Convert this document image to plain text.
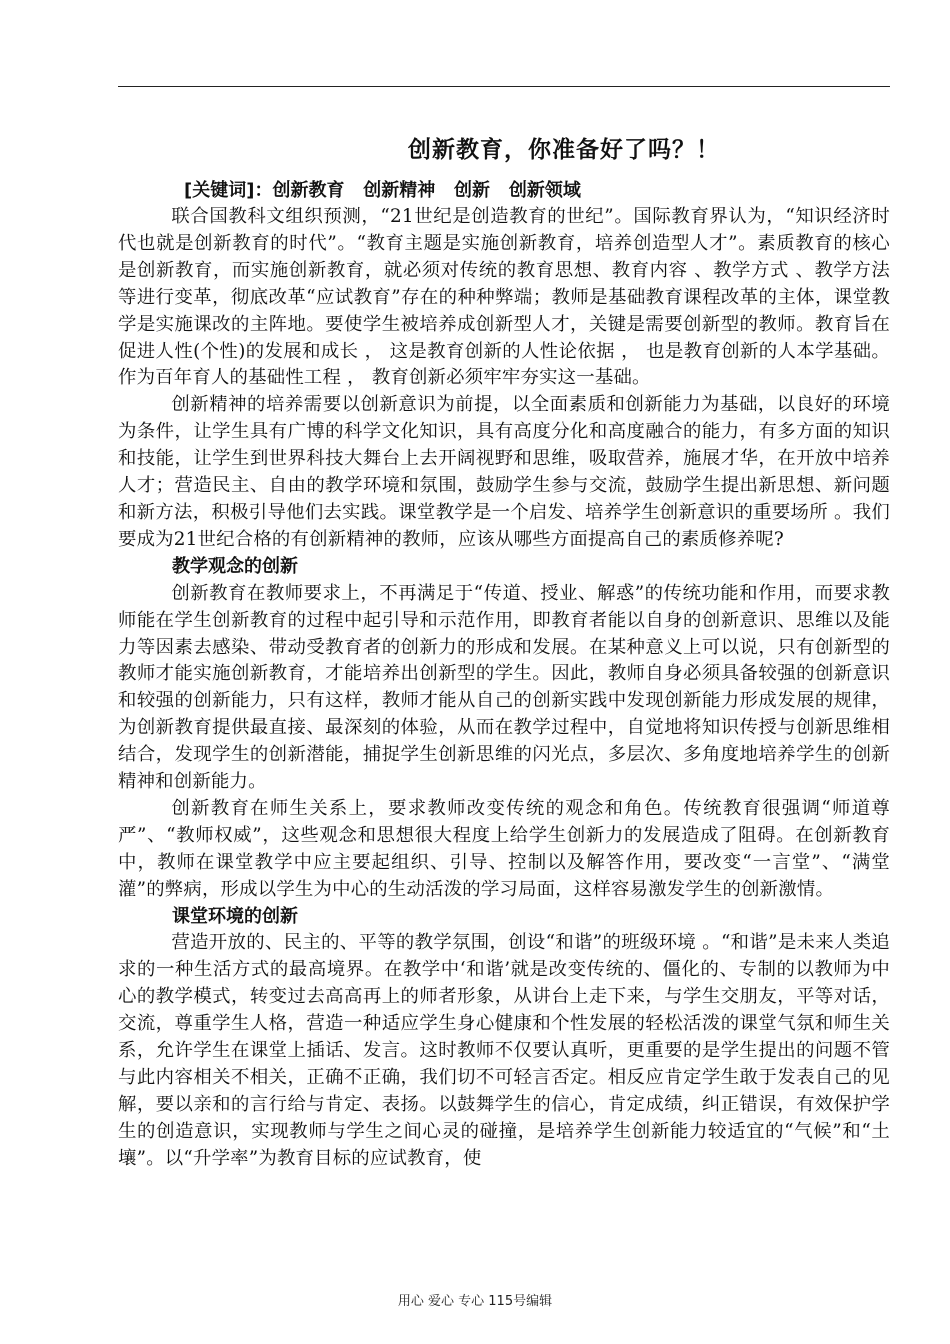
创新教育，你准备好了吗？！
[关键词]：创新教育   创新精神   创新   创新领域

联合国教科文组织预测，“21世纪是创造教育的世纪”。国际教育界认为，“知识经济时代也就是创新教育的时代”。“教育主题是实施创新教育，培养创造型人才”。素质教育的核心是创新教育，而实施创新教育，就必须对传统的教育思想、教育内容 、教学方式 、教学方法等进行变革，彻底改革“应试教育”存在的种种弊端；教师是基础教育课程改革的主体，课堂教学是实施课改的主阵地。要使学生被培养成创新型人才，关键是需要创新型的教师。教育旨在促进人性(个性)的发展和成长 ， 这是教育创新的人性论依据 ， 也是教育创新的人本学基础。作为百年育人的基础性工程 ， 教育创新必须牢牢夯实这一基础。

创新精神的培养需要以创新意识为前提，以全面素质和创新能力为基础，以良好的环境为条件，让学生具有广博的科学文化知识，具有高度分化和高度融合的能力，有多方面的知识和技能，让学生到世界科技大舞台上去开阔视野和思维，吸取营养，施展才华，在开放中培养人才；营造民主、自由的教学环境和氛围，鼓励学生参与交流，鼓励学生提出新思想、新问题和新方法，积极引导他们去实践。课堂教学是一个启发、培养学生创新意识的重要场所 。我们要成为21世纪合格的有创新精神的教师，应该从哪些方面提高自己的素质修养呢?

教学观念的创新

创新教育在教师要求上，不再满足于“传道、授业、解惑”的传统功能和作用，而要求教师能在学生创新教育的过程中起引导和示范作用，即教育者能以自身的创新意识、思维以及能力等因素去感染、带动受教育者的创新力的形成和发展。在某种意义上可以说，只有创新型的教师才能实施创新教育，才能培养出创新型的学生。因此，教师自身必须具备较强的创新意识和较强的创新能力，只有这样，教师才能从自己的创新实践中发现创新能力形成发展的规律，为创新教育提供最直接、最深刻的体验，从而在教学过程中，自觉地将知识传授与创新思维相结合，发现学生的创新潜能，捕捉学生创新思维的闪光点，多层次、多角度地培养学生的创新精神和创新能力。

创新教育在师生关系上，要求教师改变传统的观念和角色。传统教育很强调“师道尊严”、“教师权威”，这些观念和思想很大程度上给学生创新力的发展造成了阻碍。在创新教育中，教师在课堂教学中应主要起组织、引导、控制以及解答作用，要改变“一言堂”、“满堂灌”的弊病，形成以学生为中心的生动活泼的学习局面，这样容易激发学生的创新激情。

课堂环境的创新

营造开放的、民主的、平等的教学氛围，创设“和谐”的班级环境 。“和谐”是未来人类追求的一种生活方式的最高境界。在教学中‘和谐’就是改变传统的、僵化的、专制的以教师为中心的教学模式，转变过去高高再上的师者形象，从讲台上走下来，与学生交朋友，平等对话，交流，尊重学生人格，营造一种适应学生身心健康和个性发展的轻松活泼的课堂气氛和师生关系，允许学生在课堂上插话、发言。这时教师不仅要认真听，更重要的是学生提出的问题不管与此内容相关不相关，正确不正确，我们切不可轻言否定。相反应肯定学生敢于发表自己的见解，要以亲和的言行给与肯定、表扬。以鼓舞学生的信心，肯定成绩，纠正错误，有效保护学生的创造意识，实现教师与学生之间心灵的碰撞，是培养学生创新能力较适宜的“气候”和“土壤”。以“升学率”为教育目标的应试教育，使

用心 爱心 专心 115号编辑
